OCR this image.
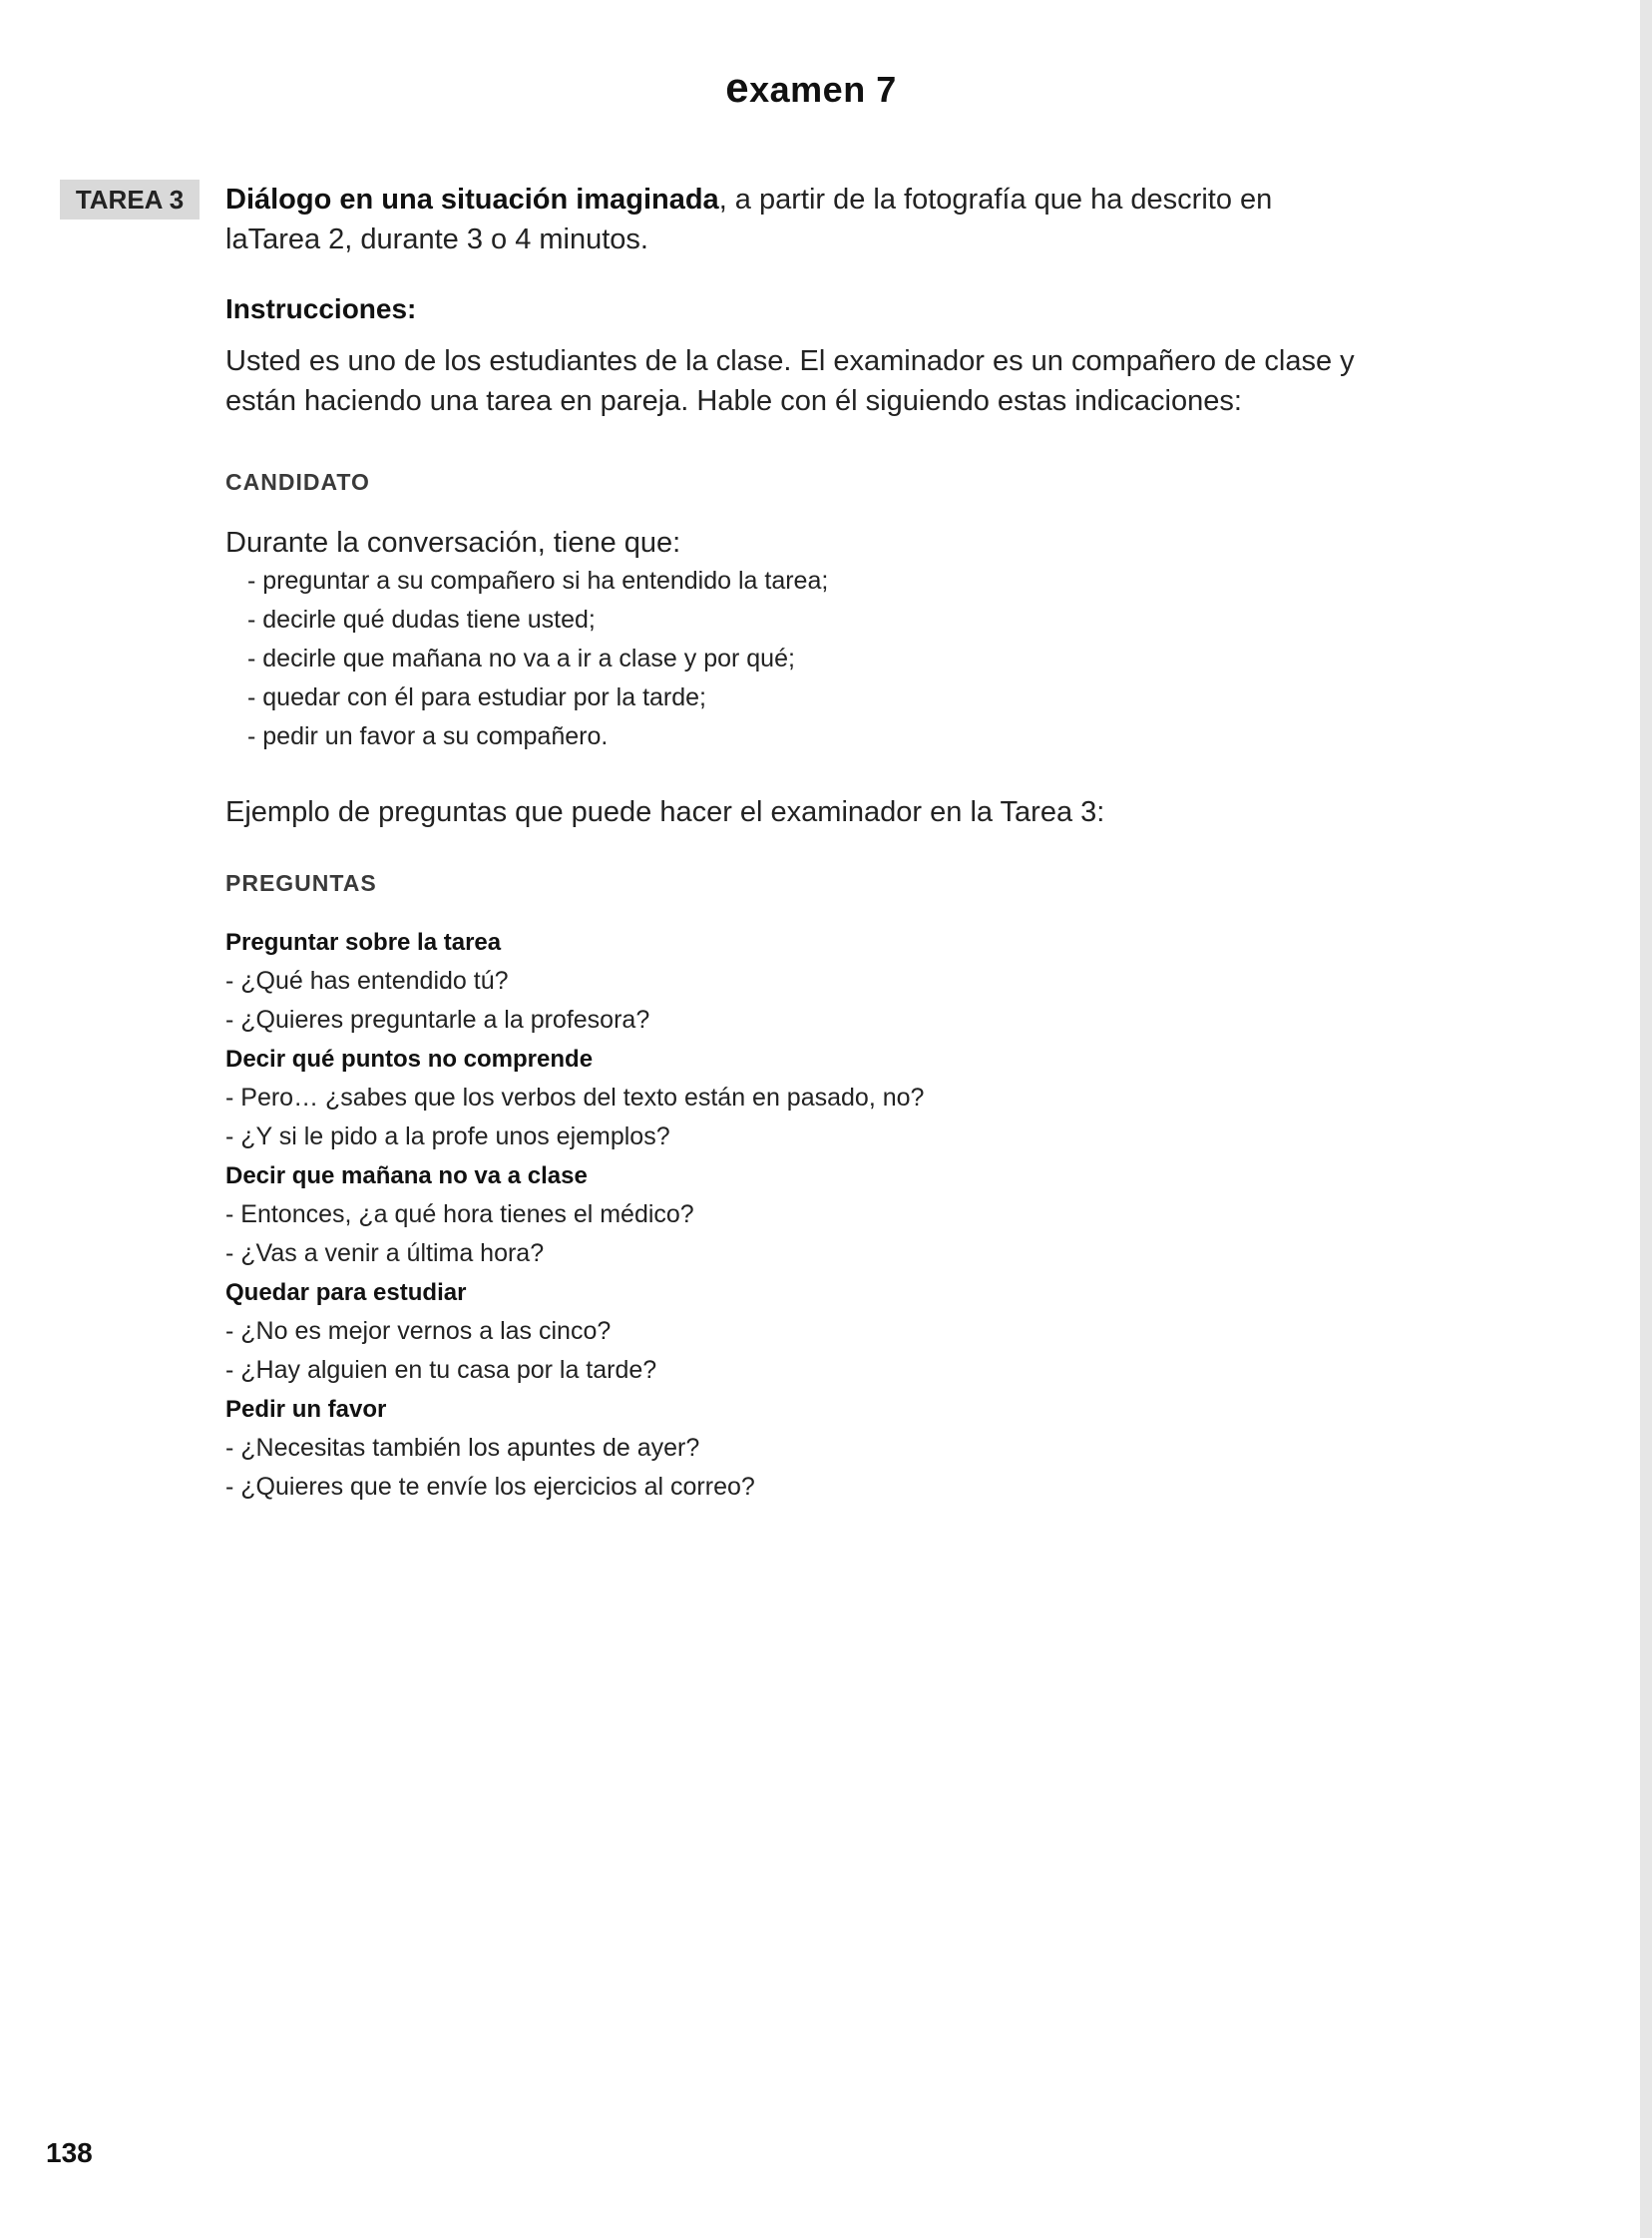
examen 7
TAREA 3	Diálogo en una situación imaginada, a partir de la fotografía que ha descrito en laTarea 2, durante 3 o 4 minutos.

Instrucciones:

Usted es uno de los estudiantes de la clase. El examinador es un compañero de clase y están haciendo una tarea en pareja. Hable con él siguiendo estas indicaciones:

CANDIDATO

Durante la conversación, tiene que:

- preguntar a su compañero si ha entendido la tarea;
- decirle qué dudas tiene usted;
- decirle que mañana no va a ir a clase y por qué;
- quedar con él para estudiar por la tarde;
- pedir un favor a su compañero.

Ejemplo de preguntas que puede hacer el examinador en la Tarea 3:

PREGUNTAS
Preguntar sobre la tarea
- ¿Qué has entendido tú?
- ¿Quieres preguntarle a la profesora?
Decir qué puntos no comprende
- Pero… ¿sabes que los verbos del texto están en pasado, no?
- ¿Y si le pido a la profe unos ejemplos?
Decir que mañana no va a clase
- Entonces, ¿a qué hora tienes el médico?
- ¿Vas a venir a última hora?
Quedar para estudiar
- ¿No es mejor vernos a las cinco?
- ¿Hay alguien en tu casa por la tarde?
Pedir un favor
- ¿Necesitas también los apuntes de ayer?
- ¿Quieres que te envíe los ejercicios al correo?
138
